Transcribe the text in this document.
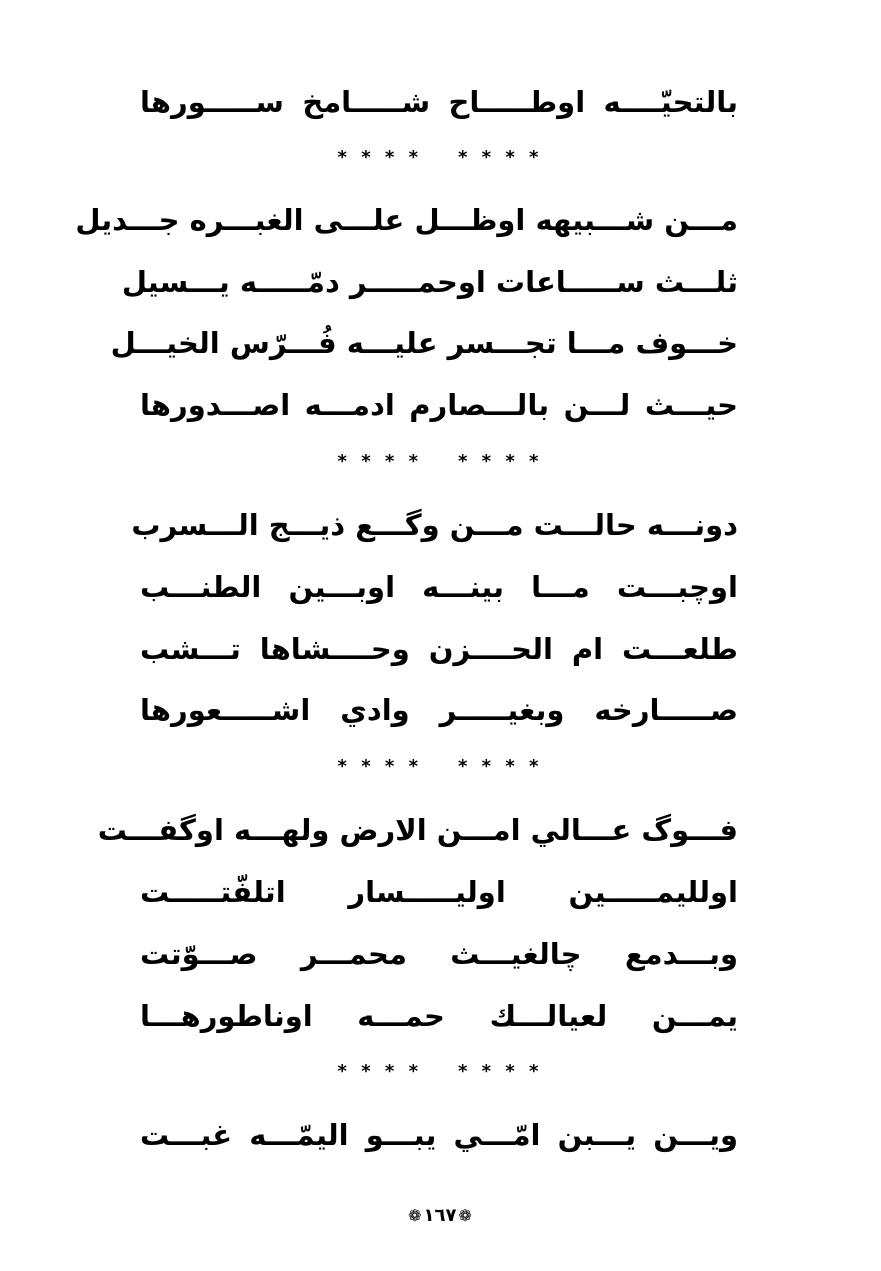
بالتحيّــــه اوطـــــاح شـــــامخ ســـــورها
* * * * * * * *
مـــن شـــبيهه اوظـــل علـــى الغبـــره جـــديل
ثلـــث ســـــاعات اوحمـــــر دمّـــــه يـــسيل
خـــوف مـــا تجـــسر عليـــه فُـــرّس الخيـــل
حيـــث لـــن بالـــصارم ادمـــه اصـــدورها
* * * * * * * *
دونـــه حالـــت مـــن وگـــع ذيـــج الـــسرب
اوچبـــت مـــا بينـــه اوبـــين الطنـــب
طلعـــت ام الحــــزن وحــــشاها تـــشب
صـــــارخه وبغيـــــر وادي اشـــــعورها
* * * * * * * *
فـــوگ عـــالي امـــن الارض ولهـــه اوگفـــت
اولليمـــــين اوليـــــسار اتلفّتـــــت
وبـــدمع چالغيـــث محمـــر صـــوّتت
يمـــن لعيالـــك حمـــه اوناطورهـــا
* * * * * * * *
ويـــن يـــبن امّـــي يبـــو اليمّـــه غبـــت
❁ ١٦٧ ❁
